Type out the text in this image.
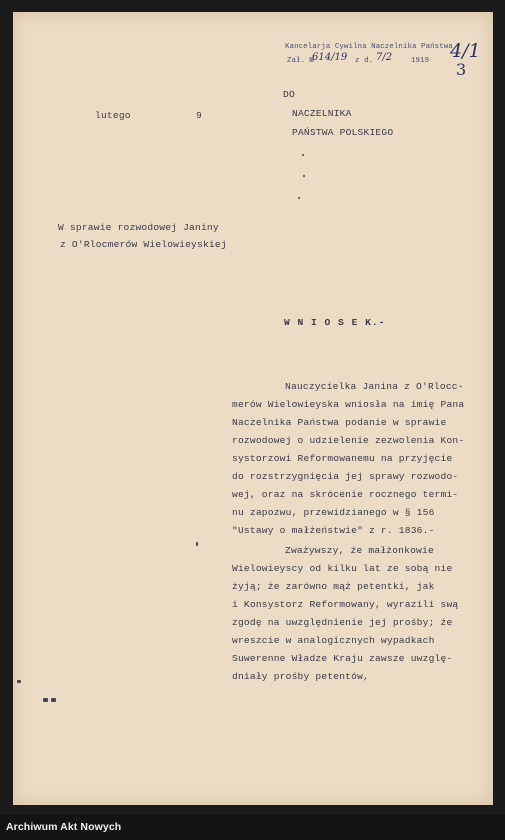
Kancelarja Cywilna Naczelnika Państwa
Zał. №
614/19 z d. 7/2	1919 4/1
3
lutego	9
DO
NACZELNIKA
PAŃSTWA POLSKIEGO
W sprawie rozwodowej Janiny
z O'Rlocmerów Wielowieyskiej
W N I O S E K.-
Nauczycielka Janina z O'Rlocc-
merów Wielowieyska wniosła na imię Pana
Naczelnika Państwa podanie w sprawie
rozwodowej o udzielenie zezwolenia Kon-
systorzowi Reformowanemu na przyjęcie
do rozstrzygnięcia jej sprawy rozwodo-
wej, oraz na skrócenie rocznego termi-
nu zapozwu, przewidzianego w § 156
"Ustawy o małżeństwie" z r. 1836.-
Zważywszy, że małżonkowie
Wielowieyscy od kilku lat ze sobą nie
żyją; że zarówno mąż petentki, jak
i Konsystorz Reformowany, wyrazili swą
zgodę na uwzględnienie jej prośby; że
wreszcie w analogicznych wypadkach
Suwerenne Władze Kraju zawsze uwzglę-
dniały prośby petentów,
Archiwum Akt Nowych
